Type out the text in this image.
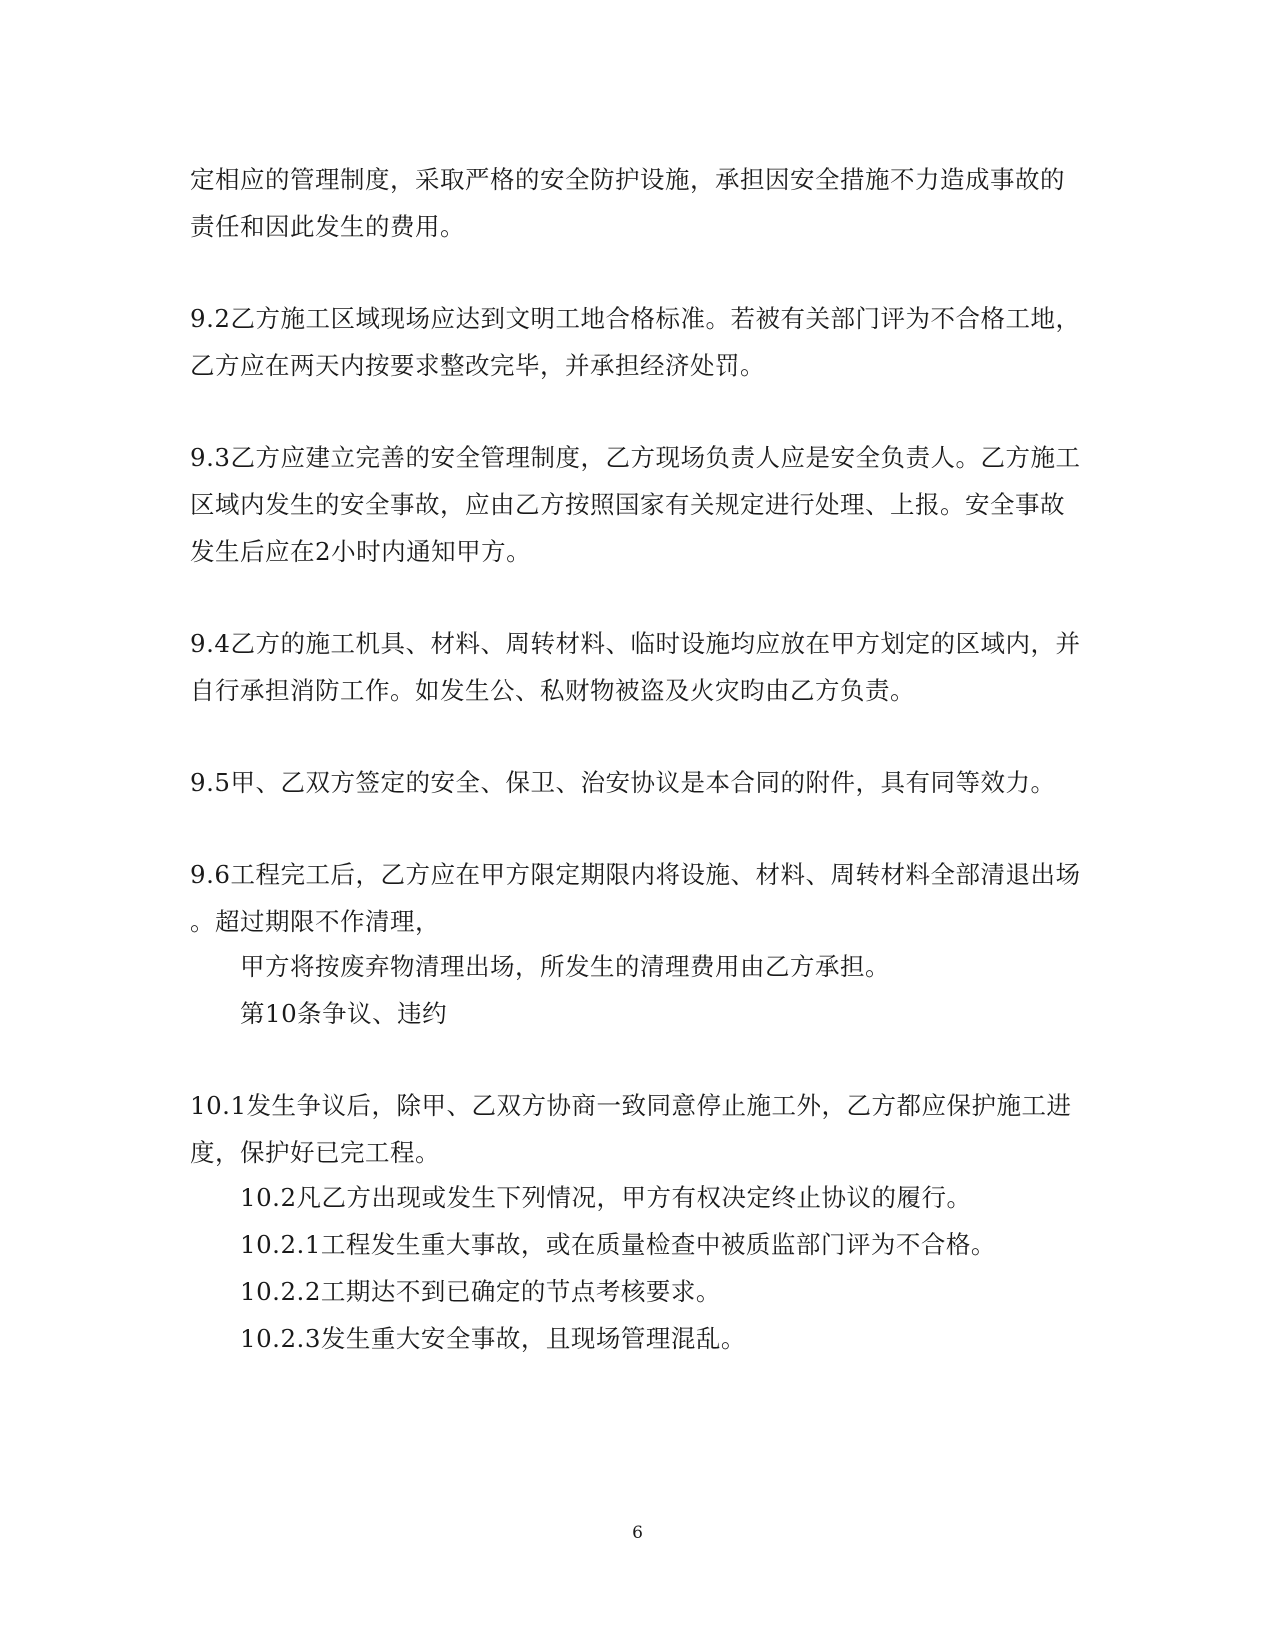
定相应的管理制度，采取严格的安全防护设施，承担因安全措施不力造成事故的
责任和因此发生的费用。
9.2乙方施工区域现场应达到文明工地合格标准。若被有关部门评为不合格工地，
乙方应在两天内按要求整改完毕，并承担经济处罚。
9.3乙方应建立完善的安全管理制度，乙方现场负责人应是安全负责人。乙方施工
区域内发生的安全事故，应由乙方按照国家有关规定进行处理、上报。安全事故
发生后应在2小时内通知甲方。
9.4乙方的施工机具、材料、周转材料、临时设施均应放在甲方划定的区域内，并
自行承担消防工作。如发生公、私财物被盗及火灾昀由乙方负责。
9.5甲、乙双方签定的安全、保卫、治安协议是本合同的附件，具有同等效力。
9.6工程完工后，乙方应在甲方限定期限内将设施、材料、周转材料全部清退出场
。超过期限不作清理，
甲方将按废弃物清理出场，所发生的清理费用由乙方承担。
第10条争议、违约
10.1发生争议后，除甲、乙双方协商一致同意停止施工外，乙方都应保护施工进
度，保护好已完工程。
10.2凡乙方出现或发生下列情况，甲方有权决定终止协议的履行。
10.2.1工程发生重大事故，或在质量检查中被质监部门评为不合格。
10.2.2工期达不到已确定的节点考核要求。
10.2.3发生重大安全事故，且现场管理混乱。
6
